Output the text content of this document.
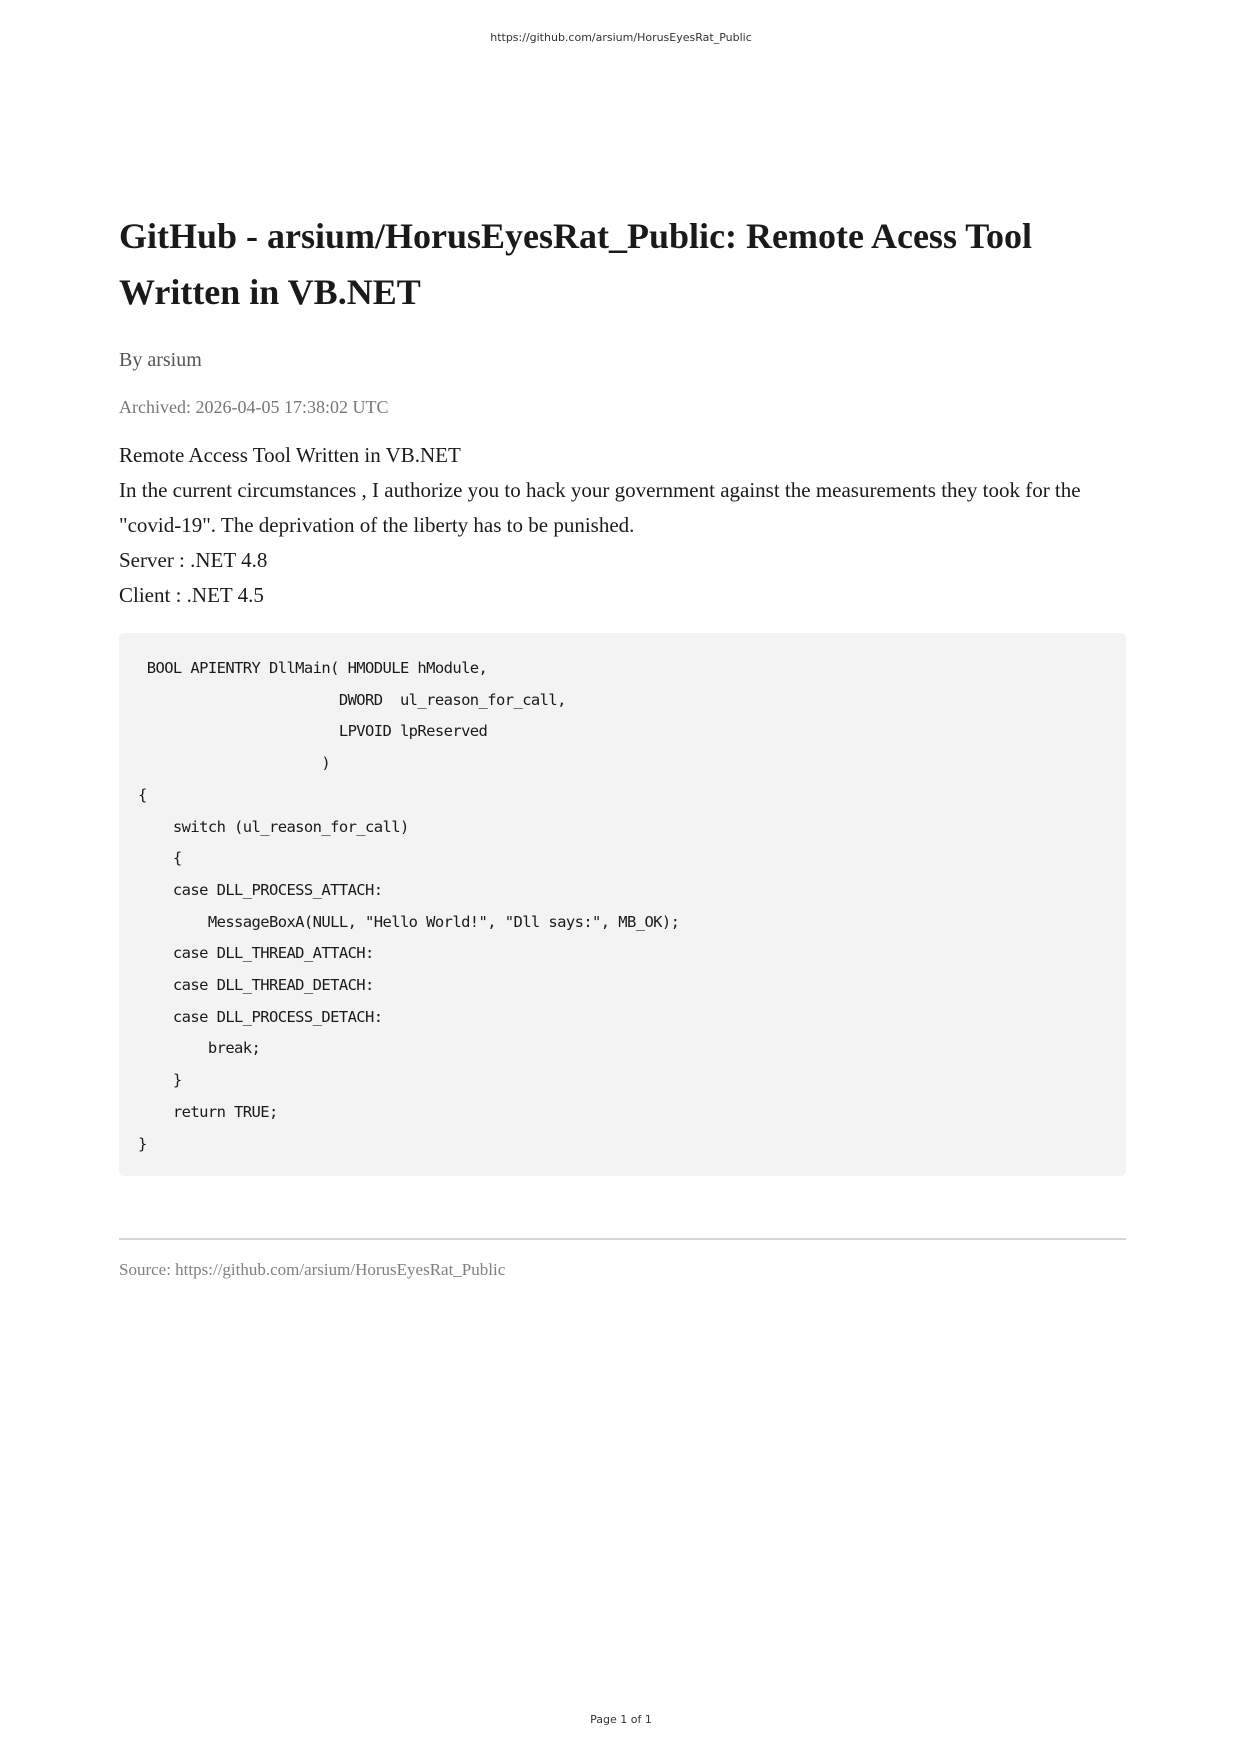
https://github.com/arsium/HorusEyesRat_Public
GitHub - arsium/HorusEyesRat_Public: Remote Acess Tool Written in VB.NET
By arsium
Archived: 2026-04-05 17:38:02 UTC

Remote Access Tool Written in VB.NET

In the current circumstances , I authorize you to hack your government against the measurements they took for the "covid-19". The deprivation of the liberty has to be punished.

Server : .NET 4.8

Client : .NET 4.5

BOOL APIENTRY DllMain( HMODULE hModule,
DWORD  ul_reason_for_call,
LPVOID lpReserved
)
{
switch (ul_reason_for_call)
{
case DLL_PROCESS_ATTACH:
MessageBoxA(NULL, "Hello World!", "Dll says:", MB_OK);
case DLL_THREAD_ATTACH:
case DLL_THREAD_DETACH:
case DLL_PROCESS_DETACH:
break;
}
return TRUE;
}
Source: https://github.com/arsium/HorusEyesRat_Public
Page 1 of 1
